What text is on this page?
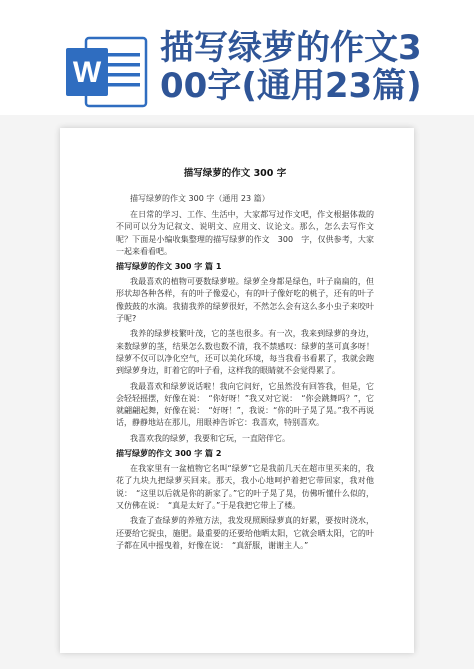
W
描写绿萝的作文3
00字(通用23篇)
描写绿萝的作文 300 字
描写绿萝的作文 300 字（通用 23 篇）

在日常的学习、工作、生活中，大家都写过作文吧，作文根据体裁的不同可以分为记叙文、说明文、应用文、议论文。那么，怎么去写作文呢？下面是小编收集整理的描写绿萝的作文　300　字，仅供参考，大家一起来看看吧。

描写绿萝的作文 300 字 篇 1

我最喜欢的植物可要数绿萝啦。绿萝全身都是绿色，叶子扁扁的，但形状却各种各样，有的叶子像爱心，有的叶子像好吃的桃子，还有的叶子像鼓鼓的水滴。我猜我养的绿萝很好，不然怎么会有这么多小虫子来咬叶子呢?

我养的绿萝枝繁叶茂，它的茎也很多。有一次，我来到绿萝的身边，来数绿萝的茎，结果怎么数也数不清，我不禁感叹：绿萝的茎可真多呀！绿萝不仅可以净化空气，还可以美化环境，每当我看书看累了，我就会跑到绿萝身边，盯着它的叶子看，这样我的眼睛就不会觉得累了。

我最喜欢和绿萝说话啦！我向它问好，它虽然没有回答我，但是，它会轻轻摇摆，好像在说：　“你好呀！”我又对它说：　“你会跳舞吗？”，它就翩翩起舞，好像在说：　“好呀！”，我说：“你的叶子晃了晃。”我不再说话，静静地站在那儿，用眼神告诉它：我喜欢，特别喜欢。

我喜欢我的绿萝，我要和它玩，一直陪伴它。

描写绿萝的作文 300 字 篇 2

在我家里有一盆植物它名叫“绿萝”它是我前几天在超市里买来的，我花了九块九把绿萝买回来。那天，我小心地呵护着把它带回家，我对他说：　“这里以后就是你的新家了。”它的叶子晃了晃，仿佛听懂什么似的，又仿佛在说：　“真是太好了。”于是我把它带上了楼。

我查了查绿萝的养殖方法，我发现照顾绿萝真的好累，要按时浇水，还要给它捉虫，施肥。最重要的还要给他晒太阳，它就会晒太阳，它的叶子都在风中摇曳着，好像在说：　“真舒服，谢谢主人。”
